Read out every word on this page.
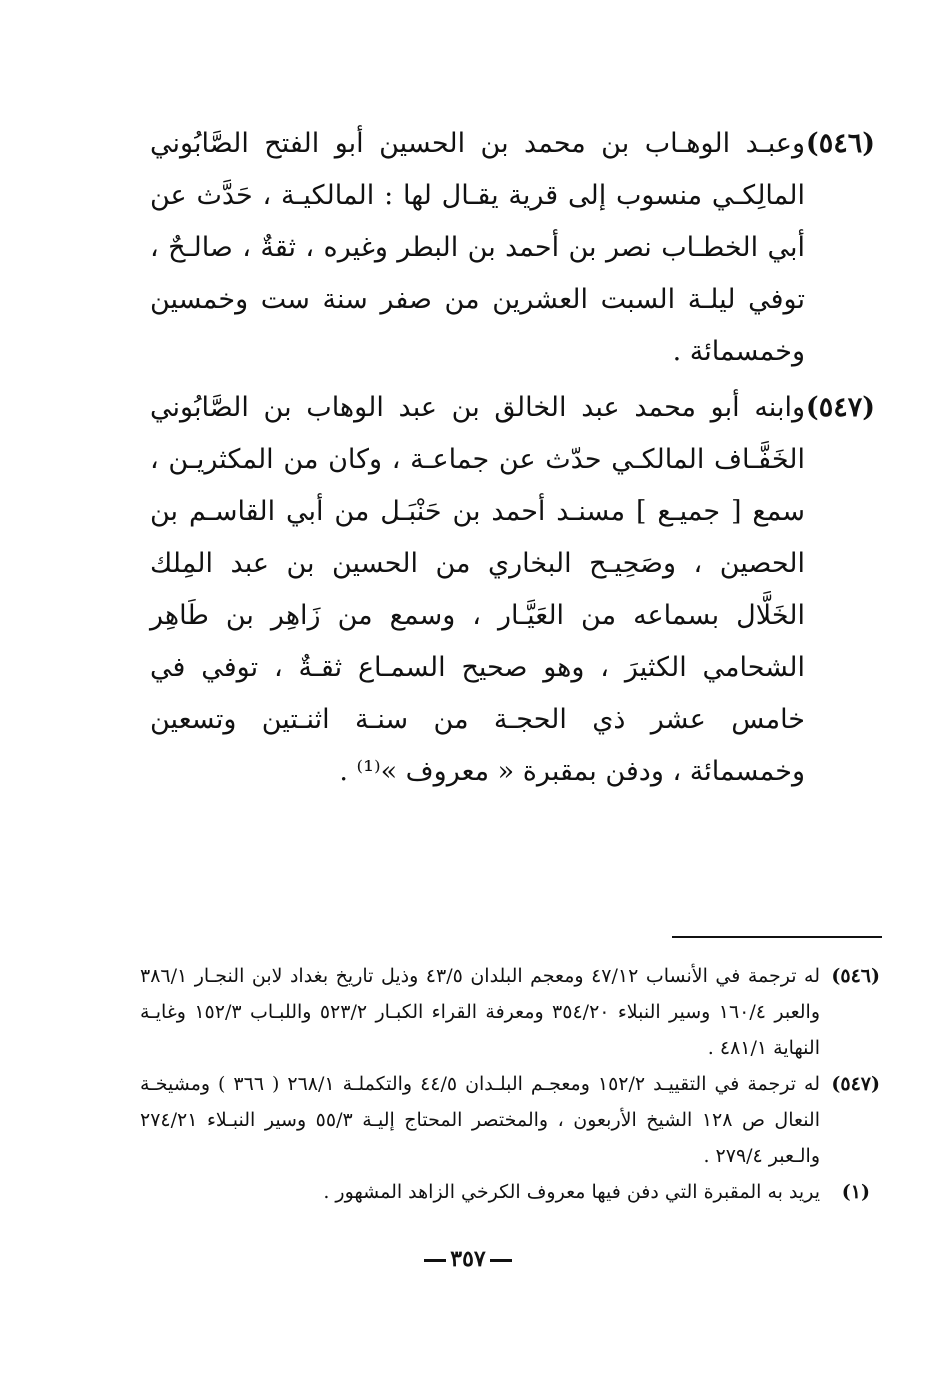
(٥٤٦)
وعبـد الوهـاب بن محمد بن الحسين أبو الفتح الصَّابُوني المالِكـي منسوب إلى قرية يقـال لها : المالكيـة ، حَدَّث عن أبي الخطـاب نصر بن أحمد بن البطر وغيره ، ثقةٌ ، صالـحٌ ، توفي ليلـة السبت العشرين من صفر سنة ست وخمسين وخمسمائة .
(٥٤٧)
وابنه أبو محمد عبد الخالق بن عبد الوهاب بن الصَّابُوني الخَفَّـاف المالكـي حدّث عن جماعـة ، وكان من المكثريـن ، سمع [ جميـع ] مسنـد أحمد بن حَنْبَـل من أبي القاسـم بن الحصين ، وصَحِيـح البخاري من الحسين بن عبد المِلك الخَلَّال بسماعه من العَيَّـار ، وسمع من زَاهِر بن طَاهِر الشحامي الكثيرَ ، وهو صحيح السمـاع ثقـةٌ ، توفي في خامس عشر ذي الحجـة من سنـة اثنـتين وتسعين وخمسمائة ، ودفن بمقبرة « معروف »⁽¹⁾ .
(٥٤٦)
له ترجمة في الأنساب ٤٧/١٢ ومعجم البلدان ٤٣/٥ وذيل تاريخ بغداد لابن النجـار ٣٨٦/١ والعبر ١٦٠/٤ وسير النبلاء ٣٥٤/٢٠ ومعرفة القراء الكبـار ٥٢٣/٢ واللبـاب ١٥٢/٣ وغايـة النهاية ٤٨١/١ .
(٥٤٧)
له ترجمة في التقييـد ١٥٢/٢ ومعجـم البلـدان ٤٤/٥ والتكملـة ٢٦٨/١ ( ٣٦٦ ) ومشيخـة النعال ص ١٢٨ الشيخ الأربعون ، والمختصر المحتاج إليـة ٥٥/٣ وسير النبـلاء ٢٧٤/٢١ والـعبر ٢٧٩/٤ .
(١)
يريد به المقبرة التي دفن فيها معروف الكرخي الزاهد المشهور .
٣٥٧
